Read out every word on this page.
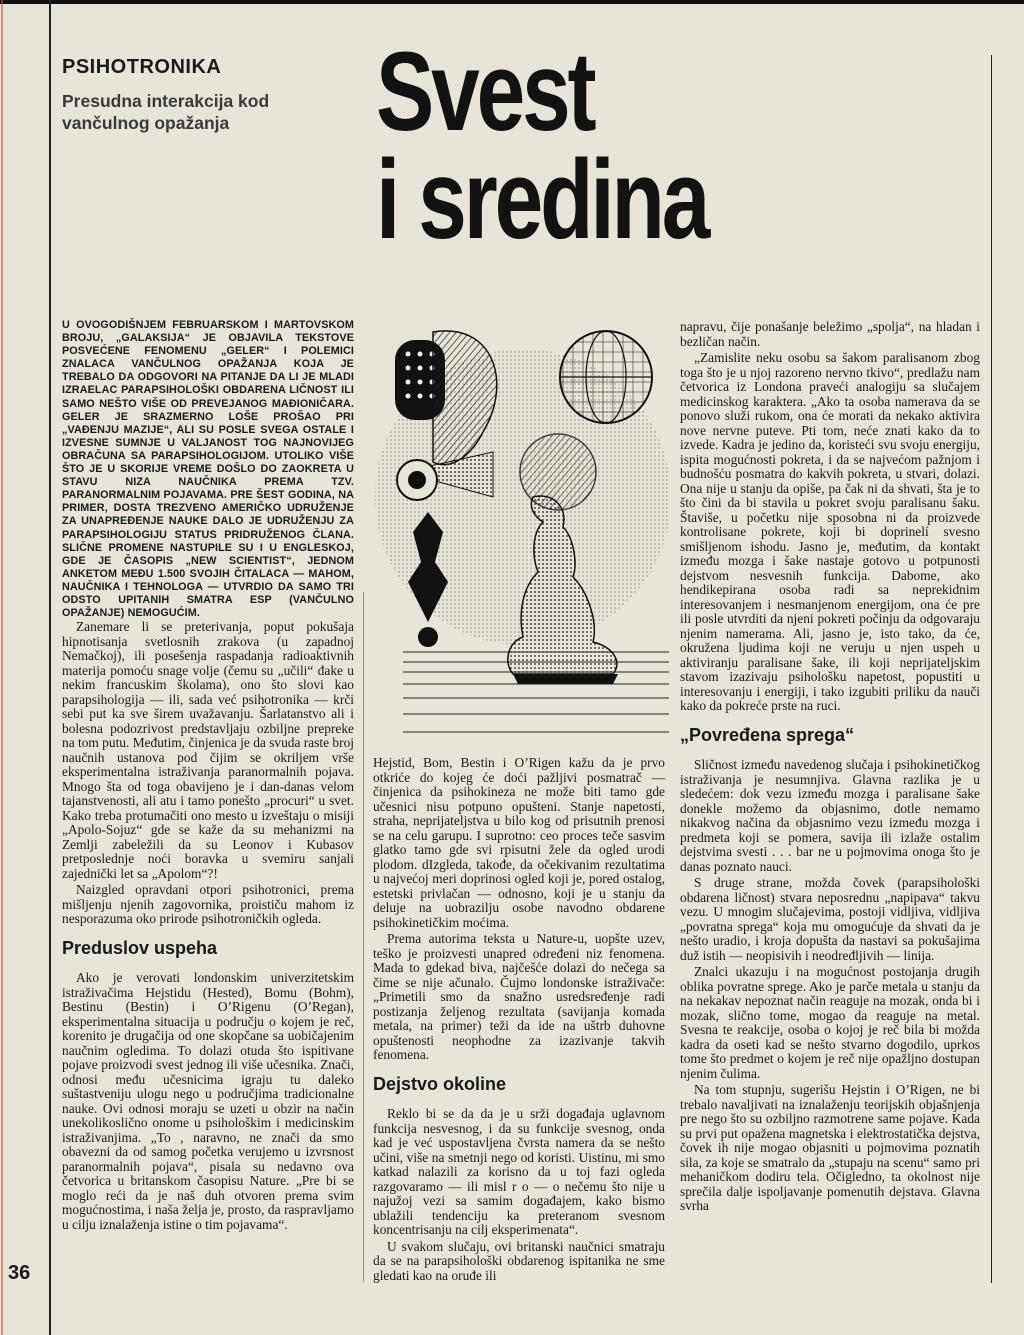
PSIHOTRONIKA
Presudna interakcija kod vančulnog opažanja	Svest
i sredina
U OVOGODIŠNJEM FEBRUARSKOM I MARTOVSKOM BROJU, „GALAKSIJA“ JE OBJAVILA TEKSTOVE POSVEĆENE FENOMENU „GELER“ I POLEMICI ZNALACA VANČULNOG OPAŽANJA KOJA JE TREBALO DA ODGOVORI NA PITANJE DA LI JE MLADI IZRAELAC PARAPSIHOLOŠKI OBDARENA LIČNOST ILI SAMO NEŠTO VIŠE OD PREVEJANOG MAĐIONIČARA. GELER JE SRAZMERNO LOŠE PROŠAO PRI „VAĐENJU MAZIJE“, ALI SU POSLE SVEGA OSTALE I IZVESNE SUMNJE U VALJANOST TOG NAJNOVIJEG OBRAČUNA SA PARAPSIHOLOGIJOM. UTOLIKO VIŠE ŠTO JE U SKORIJE VREME DOŠLO DO ZAOKRETA U STAVU NIZA NAUČNIKA PREMA TZV. PARANORMALNIM POJAVAMA. PRE ŠEST GODINA, NA PRIMER, DOSTA TREZVENO AMERIČKO UDRUŽENJE ZA UNAPREĐENJE NAUKE DALO JE UDRUŽENJU ZA PARAPSIHOLOGIJU STATUS PRIDRUŽENOG ČLANA. SLIČNE PROMENE NASTUPILE SU I U ENGLESKOJ, GDE JE ČASOPIS „NEW SCIENTIST“, JEDNOM ANKETOM MEĐU 1.500 SVOJIH ČITALACA — MAHOM, NAUČNIKA I TEHNOLOGA — UTVRDIO DA SAMO TRI ODSTO UPITANIH SMATRA ESP (VANČULNO OPAŽANJE) NEMOGUĆIM.

Zanemare li se preterivanja, poput pokušaja hipnotisanja svetlosnih zrakova (u zapadnoj Nemačkoj), ili posešenja raspadanja radioaktivnih materija pomoću snage volje (čemu su „učili“ đake u nekim francuskim školama), ono što slovi kao parapsihologija — ili, sada već psihotronika — krči sebi put ka sve širem uvažavanju. Šarlatanstvo ali i bolesna podozrivost predstavljaju ozbiljne prepreke na tom putu. Međutim, činjenica je da svuda raste broj naučnih ustanova pod čijim se okriljem vrše eksperimentalna istraživanja paranormalnih pojava. Mnogo šta od toga obavijeno je i dan-danas velom tajanstvenosti, ali atu i tamo ponešto „procuri“ u svet. Kako treba protumačiti ono mesto u izveštaju o misiji „Apolo-Sojuz“ gde se kaže da su mehanizmi na Zemlji zabeležili da su Leonov i Kubasov pretposlednje noći boravka u svemiru sanjali zajednički let sa „Apolom“?!

Naizgled opravdani otpori psihotronici, prema mišljenju njenih zagovornika, proističu mahom iz nesporazuma oko prirode psihotroničkih ogleda.

Preduslov uspeha

Ako je verovati londonskim univerzitetskim istraživačima Hejstidu (Hested), Bomu (Bohm), Bestinu (Bestin) i O’Rigenu (O’Regan), eksperimentalna situacija u području o kojem je reč, korenito je drugačija od one skopčane sa uobičajenim naučnim ogledima. To dolazi otuda što ispitivane pojave proizvodi svest jednog ili više učesnika. Znači, odnosi među učesnicima igraju tu daleko suštastveniju ulogu nego u područjima tradicionalne nauke. Ovi odnosi moraju se uzeti u obzir na način unekolikoslično onome u psihološkim i medicinskim istraživanjima. „To , naravno, ne znači da smo obavezni da od samog početka verujemo u izvrsnost paranormalnih pojava“, pisala su nedavno ova četvorica u britanskom časopisu Nature. „Pre bi se moglo reći da je naš duh otvoren prema svim mogućnostima, i naša želja je, prosto, da raspravljamo u cilju iznalaženja istine o tim pojavama“.

Hejstid, Bom, Bestin i O’Rigen kažu da je prvo otkriće do kojeg će doći pažljivi posmatrač — činjenica da psihokineza ne može biti tamo gde učesnici nisu potpuno opušteni. Stanje napetosti, straha, neprijateljstva u bilo kog od prisutnih prenosi se na celu garupu. I suprotno: ceo proces teče sasvim glatko tamo gde svi rpisutni žele da ogled urodi plodom. dIzgleda, takođe, da očekivanim rezultatima u najvećoj meri doprinosi ogled koji je, pored ostalog, estetski privlačan — odnosno, koji je u stanju da deluje na uobrazilju osobe navodno obdarene psihokinetičkim moćima.

Prema autorima teksta u Nature-u, uopšte uzev, teško je proizvesti unapred određeni niz fenomena. Mada to gdekad biva, najčešće dolazi do nečega sa čime se nije ačunalo. Čujmo londonske istraživače: „Primetili smo da snažno usredsređenje radi postizanja željenog rezultata (savijanja komada metala, na primer) teži da ide na uštrb duhovne opuštenosti neophodne za izazivanje takvih fenomena.

Dejstvo okoline

Reklo bi se da da je u srži događaja uglavnom funkcija nesvesnog, i da su funkcije svesnog, onda kad je već uspostavljena čvrsta namera da se nešto učini, više na smetnji nego od koristi. Uistinu, mi smo katkad nalazili za korisno da u toj fazi ogleda razgovaramo — ili misl r o — o nečemu što nije u najužoj vezi sa samim događajem, kako bismo ublažili tendenciju ka preteranom svesnom koncentrisanju na cilj eksperimenata“.

U svakom slučaju, ovi britanski naučnici smatraju da se na parapsihološki obdarenog ispitanika ne sme gledati kao na oruđe ili

napravu, čije ponašanje beležimo „spolja“, na hladan i bezličan način.

„Zamislite neku osobu sa šakom paralisanom zbog toga što je u njoj razoreno nervno tkivo“, predlažu nam četvorica iz Londona praveći analogiju sa slučajem medicinskog karaktera. „Ako ta osoba namerava da se ponovo služi rukom, ona će morati da nekako aktivira nove nervne puteve. Pti tom, neće znati kako da to izvede. Kadra je jedino da, koristeći svu svoju energiju, ispita mogućnosti pokreta, i da se najvećom pažnjom i budnošću posmatra do kakvih pokreta, u stvari, dolazi. Ona nije u stanju da opiše, pa čak ni da shvati, šta je to što čini da bi stavila u pokret svoju paralisanu šaku. Štaviše, u početku nije sposobna ni da proizvede kontrolisane pokrete, koji bi doprinelí svesno smišljenom ishodu. Jasno je, međutim, da kontakt između mozga i šake nastaje gotovo u potpunosti dejstvom nesvesnih funkcija. Dabome, ako hendikepirana osoba radi sa neprekidnim interesovanjem i nesmanjenom energijom, ona će pre ili posle utvrditi da njeni pokreti počinju da odgovaraju njenim namerama. Ali, jasno je, isto tako, da će, okružena ljudima koji ne veruju u njen uspeh u aktiviranju paralisane šake, ili koji neprijateljskim stavom izazivaju psihološku napetost, popustiti u interesovanju i energiji, i tako izgubiti priliku da nauči kako da pokreće prste na ruci.

„Povređena sprega“

Sličnost između navedenog slučaja i psihokinetičkog istraživanja je nesumnjiva. Glavna razlika je u sledećem: dok vezu između mozga i paralisane šake donekle možemo da objasnimo, dotle nemamo nikakvog načina da objasnimo vezu između mozga i predmeta koji se pomera, savija ili izlaže ostalim dejstvima svesti . . . bar ne u pojmovima onoga što je danas poznato nauci.

S druge strane, možda čovek (parapsihološki obdarena ličnost) stvara neposrednu „napipava“ takvu vezu. U mnogim slučajevima, postoji vidljiva, vidljiva „povratna sprega“ koja mu omogućuje da shvati da je nešto uradio, i kroja dopušta da nastavi sa pokušajima duž istih — neopisivih i neodređljivih — linija.

Znalci ukazuju i na mogućnost postojanja drugih oblika povratne sprege. Ako je parče metala u stanju da na nekakav nepoznat način reaguje na mozak, onda bi i mozak, slično tome, mogao da reaguje na metal. Svesna te reakcije, osoba o kojoj je reč bila bi možda kadra da oseti kad se nešto stvarno dogodilo, uprkos tome što predmet o kojem je reč nije opažljno dostupan njenim čulima.

Na tom stupnju, sugerišu Hejstin i O’Rigen, ne bi trebalo navaljivati na iznalaženju teorijskih objašnjenja pre nego što su ozbiljno razmotrene same pojave. Kada su prvi put opažena magnetska i elektrostatička dejstva, čovek ih nije mogao objasniti u pojmovima poznatih sila, za koje se smatralo da „stupaju na scenu“ samo pri mehaničkom dodiru tela. Očigledno, ta okolnost nije sprečila dalje ispoljavanje pomenutih dejstava. Glavna svrha

36
